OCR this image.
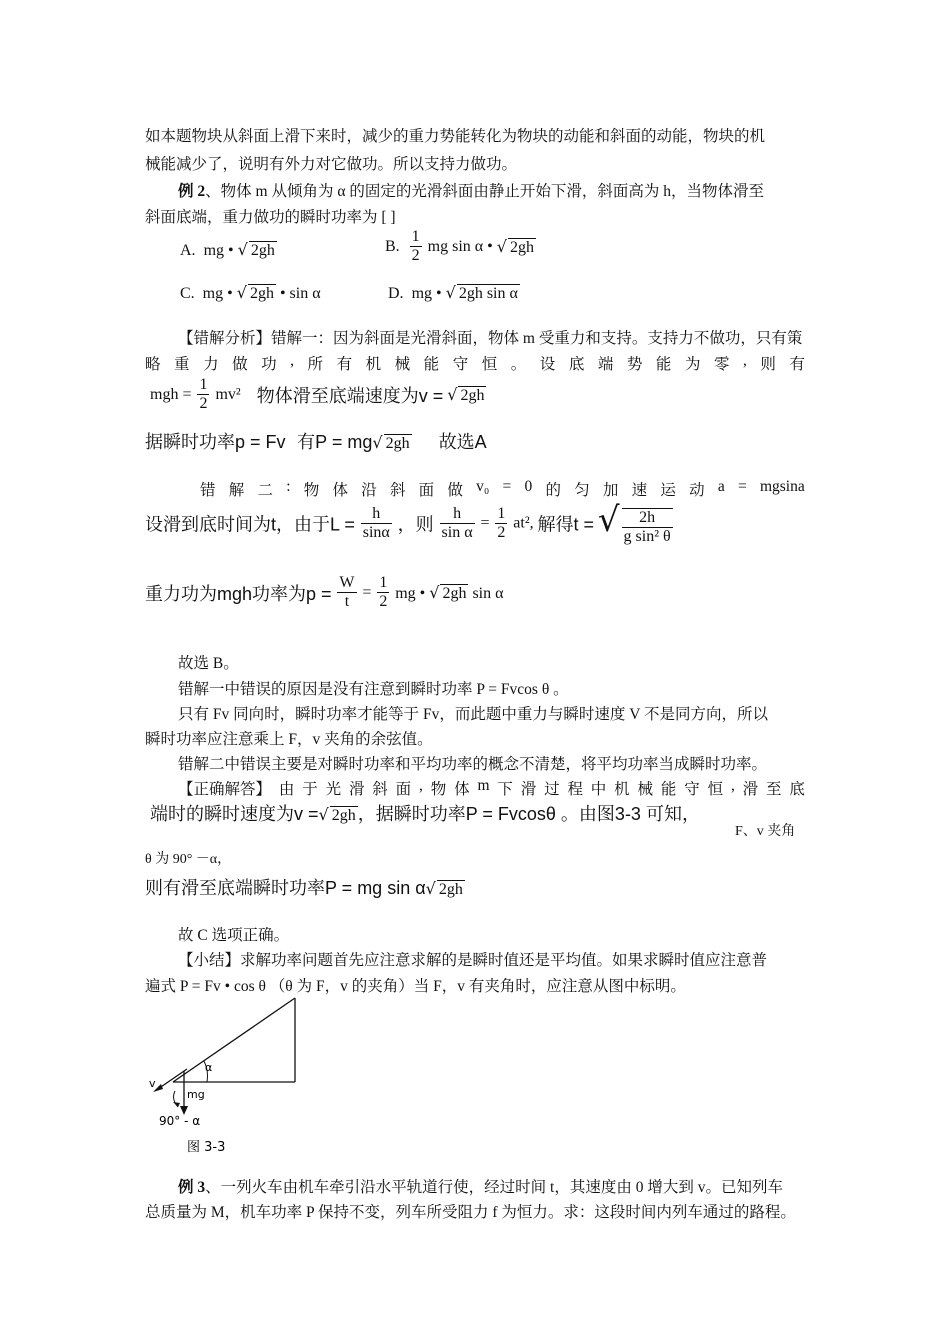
如本题物块从斜面上滑下来时，减少的重力势能转化为物块的动能和斜面的动能，物块的机
械能减少了，说明有外力对它做功。所以支持力做功。
例 2、物体 m 从倾角为 α 的固定的光滑斜面由静止开始下滑，斜面高为 h，当物体滑至
斜面底端，重力做功的瞬时功率为 [ ]
A. mg • √ 2gh	B. $\frac{1}{2}$ mg sin α • √ 2gh
C. mg • √ 2gh • sin α	D. mg • √ 2gh sin α
【错解分析】错解一：因为斜面是光滑斜面，物体 m 受重力和支持。支持力不做功，只有策
略 重 力 做 功 , 所 有 机 械 能 守 恒 。 设 底 端 势 能 为 零 , 则 有
mgh = $\frac{1}{2} mv^2$ 物体滑至底端速度为v = √ 2gh
据瞬时功率p = Fv 有P = mg√ 2gh 故选A
错 解 二 : 物 体 沿 斜 面 做 v₀ = 0 的 匀 加 速 运 动 a = mgsina
设滑到底时间为t，由于$L = \frac{h}{\sin\alpha}$ ，则 $\frac{h}{\text{sin α}} = \frac{1}{2} at^2$, 解得t = √ $\frac{2h}{\text{g sin² θ}}$
重力功为mgh功率为$p = \frac{W}{t} = \frac{1}{2}$ mg • √ 2gh sin α
故选 B。
错解一中错误的原因是没有注意到瞬时功率 P = Fvcos θ 。
只有 Fv 同向时，瞬时功率才能等于 Fv，而此题中重力与瞬时速度 V 不是同方向，所以
瞬时功率应注意乘上 F，v 夹角的余弦值。
错解二中错误主要是对瞬时功率和平均功率的概念不清楚，将平均功率当成瞬时功率。
【正确解答】 由 于 光 滑 斜 面 , 物 体 m 下 滑 过 程 中 机 械 能 守 恒 , 滑 至 底
端时的瞬时速度为v =√ 2gh ，据瞬时功率P = Fvcosθ 。由图3-3 可知，
F、v 夹角
θ 为 90° －α，
则有滑至底端瞬时功率P = mg sin α√ 2gh
故 C 选项正确。
【小结】求解功率问题首先应注意求解的是瞬时值还是平均值。如果求瞬时值应注意普
遍式 P = Fv • cos θ （θ 为 F，v 的夹角）当 F，v 有夹角时，应注意从图中标明。
α
v
mg
90° - α
图 3-3
例 3、一列火车由机车牵引沿水平轨道行使，经过时间 t，其速度由 0 增大到 v。已知列车
总质量为 M，机车功率 P 保持不变，列车所受阻力 f 为恒力。求：这段时间内列车通过的路程。
